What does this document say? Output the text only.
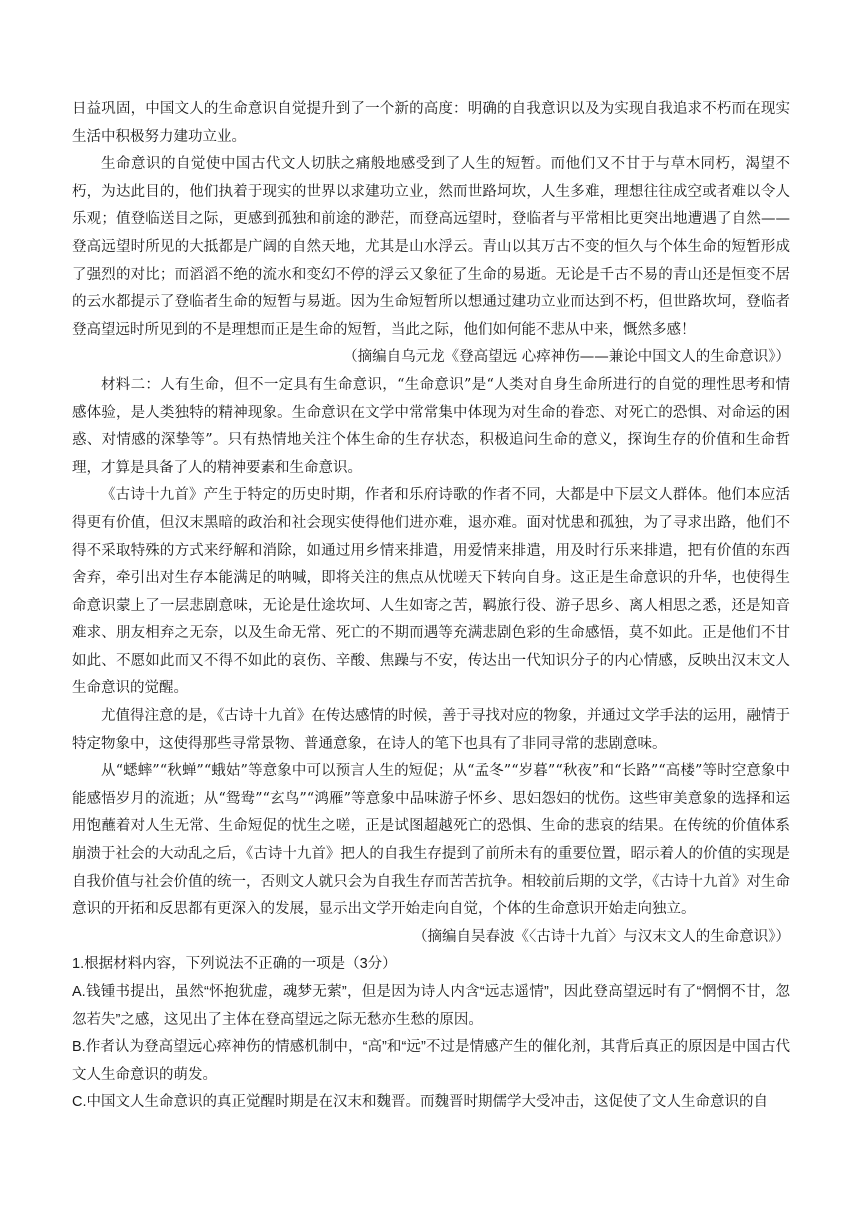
日益巩固，中国文人的生命意识自觉提升到了一个新的高度：明确的自我意识以及为实现自我追求不朽而在现实生活中积极努力建功立业。

生命意识的自觉使中国古代文人切肤之痛般地感受到了人生的短暂。而他们又不甘于与草木同朽，渴望不朽，为达此目的，他们执着于现实的世界以求建功立业，然而世路坷坎，人生多难，理想往往成空或者难以令人乐观；值登临送目之际，更感到孤独和前途的渺茫，而登高远望时，登临者与平常相比更突出地遭遇了自然——登高远望时所见的大抵都是广阔的自然天地，尤其是山水浮云。青山以其万古不变的恒久与个体生命的短暂形成了强烈的对比；而滔滔不绝的流水和变幻不停的浮云又象征了生命的易逝。无论是千古不易的青山还是恒变不居的云水都提示了登临者生命的短暂与易逝。因为生命短暂所以想通过建功立业而达到不朽，但世路坎坷，登临者登高望远时所见到的不是理想而正是生命的短暂，当此之际，他们如何能不悲从中来，慨然多感！

（摘编自乌元龙《登高望远 心瘁神伤——兼论中国文人的生命意识》）

材料二：人有生命，但不一定具有生命意识，“生命意识”是“人类对自身生命所进行的自觉的理性思考和情感体验，是人类独特的精神现象。生命意识在文学中常常集中体现为对生命的眷恋、对死亡的恐惧、对命运的困惑、对情感的深挚等”。只有热情地关注个体生命的生存状态，积极追问生命的意义，探询生存的价值和生命哲理，才算是具备了人的精神要素和生命意识。

《古诗十九首》产生于特定的历史时期，作者和乐府诗歌的作者不同，大都是中下层文人群体。他们本应活得更有价值，但汉末黑暗的政治和社会现实使得他们进亦难，退亦难。面对忧患和孤独，为了寻求出路，他们不得不采取特殊的方式来纾解和消除，如通过用乡情来排遣，用爱情来排遣，用及时行乐来排遣，把有价值的东西舍弃，牵引出对生存本能满足的呐喊，即将关注的焦点从忧嗟天下转向自身。这正是生命意识的升华，也使得生命意识蒙上了一层悲剧意味，无论是仕途坎坷、人生如寄之苦，羁旅行役、游子思乡、离人相思之悉，还是知音难求、朋友相弃之无奈，以及生命无常、死亡的不期而遇等充满悲剧色彩的生命感悟，莫不如此。正是他们不甘如此、不愿如此而又不得不如此的哀伤、辛酸、焦躁与不安，传达出一代知识分子的内心情感，反映出汉末文人生命意识的觉醒。

尤值得注意的是，《古诗十九首》在传达感情的时候，善于寻找对应的物象，并通过文学手法的运用，融情于特定物象中，这使得那些寻常景物、普通意象，在诗人的笔下也具有了非同寻常的悲剧意味。

从“蟋蟀”“秋蝉”“蛾姑”等意象中可以预言人生的短促；从“孟冬”“岁暮”“秋夜”和“长路”“高楼”等时空意象中能感悟岁月的流逝；从“鸳鸯”“玄鸟”“鸿雁”等意象中品味游子怀乡、思妇怨妇的忧伤。这些审美意象的选择和运用饱蘸着对人生无常、生命短促的忧生之嗟，正是试图超越死亡的恐惧、生命的悲哀的结果。在传统的价值体系崩溃于社会的大动乱之后，《古诗十九首》把人的自我生存提到了前所未有的重要位置，昭示着人的价值的实现是自我价值与社会价值的统一，否则文人就只会为自我生存而苦苦抗争。相较前后期的文学，《古诗十九首》对生命意识的开拓和反思都有更深入的发展，显示出文学开始走向自觉，个体的生命意识开始走向独立。

（摘编自吴春波《〈古诗十九首〉与汉末文人的生命意识》）

1.根据材料内容，下列说法不正确的一项是（3分）

A.钱锺书提出，虽然“怀抱犹虚，魂梦无萦”，但是因为诗人内含“远志遥情”，因此登高望远时有了“惘惘不甘，忽忽若失”之感，这见出了主体在登高望远之际无愁亦生愁的原因。

B.作者认为登高望远心瘁神伤的情感机制中，“高”和“远”不过是情感产生的催化剂，其背后真正的原因是中国古代文人生命意识的萌发。

C.中国文人生命意识的真正觉醒时期是在汉末和魏晋。而魏晋时期儒学大受冲击，这促使了文人生命意识的自
